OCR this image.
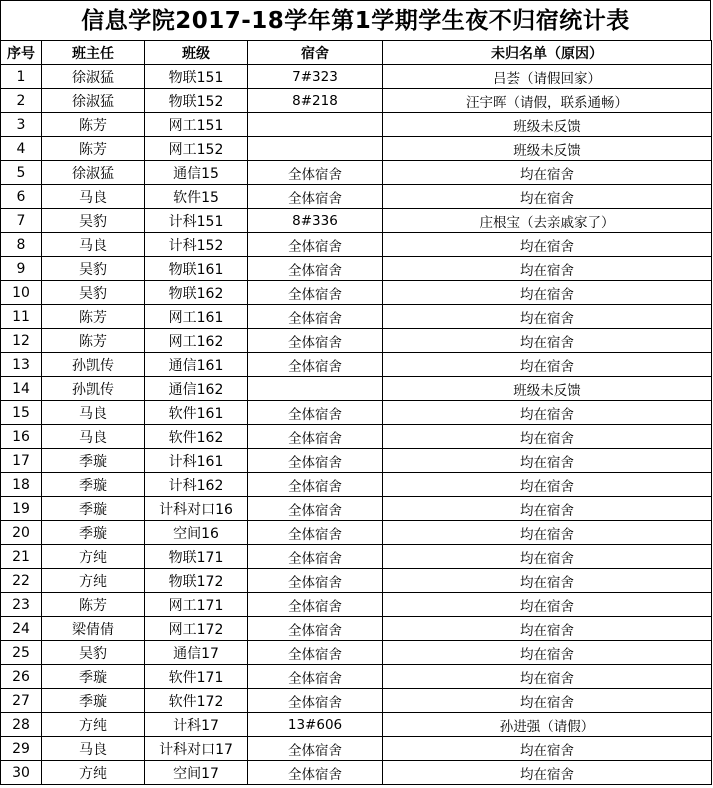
信息学院2017-18学年第1学期学生夜不归宿统计表
序号	班主任	班级	宿舍	未归名单（原因）
1	徐淑猛	物联151	7#323	吕荟（请假回家）
2	徐淑猛	物联152	8#218	汪宇晖（请假，联系通畅）
3	陈芳	网工151		班级未反馈
4	陈芳	网工152		班级未反馈
5	徐淑猛	通信15	全体宿舍	均在宿舍
6	马良	软件15	全体宿舍	均在宿舍
7	吴豹	计科151	8#336	庄根宝（去亲戚家了）
8	马良	计科152	全体宿舍	均在宿舍
9	吴豹	物联161	全体宿舍	均在宿舍
10	吴豹	物联162	全体宿舍	均在宿舍
11	陈芳	网工161	全体宿舍	均在宿舍
12	陈芳	网工162	全体宿舍	均在宿舍
13	孙凯传	通信161	全体宿舍	均在宿舍
14	孙凯传	通信162		班级未反馈
15	马良	软件161	全体宿舍	均在宿舍
16	马良	软件162	全体宿舍	均在宿舍
17	季璇	计科161	全体宿舍	均在宿舍
18	季璇	计科162	全体宿舍	均在宿舍
19	季璇	计科对口16	全体宿舍	均在宿舍
20	季璇	空间16	全体宿舍	均在宿舍
21	方纯	物联171	全体宿舍	均在宿舍
22	方纯	物联172	全体宿舍	均在宿舍
23	陈芳	网工171	全体宿舍	均在宿舍
24	梁倩倩	网工172	全体宿舍	均在宿舍
25	吴豹	通信17	全体宿舍	均在宿舍
26	季璇	软件171	全体宿舍	均在宿舍
27	季璇	软件172	全体宿舍	均在宿舍
28	方纯	计科17	13#606	孙进强（请假）
29	马良	计科对口17	全体宿舍	均在宿舍
30	方纯	空间17	全体宿舍	均在宿舍
